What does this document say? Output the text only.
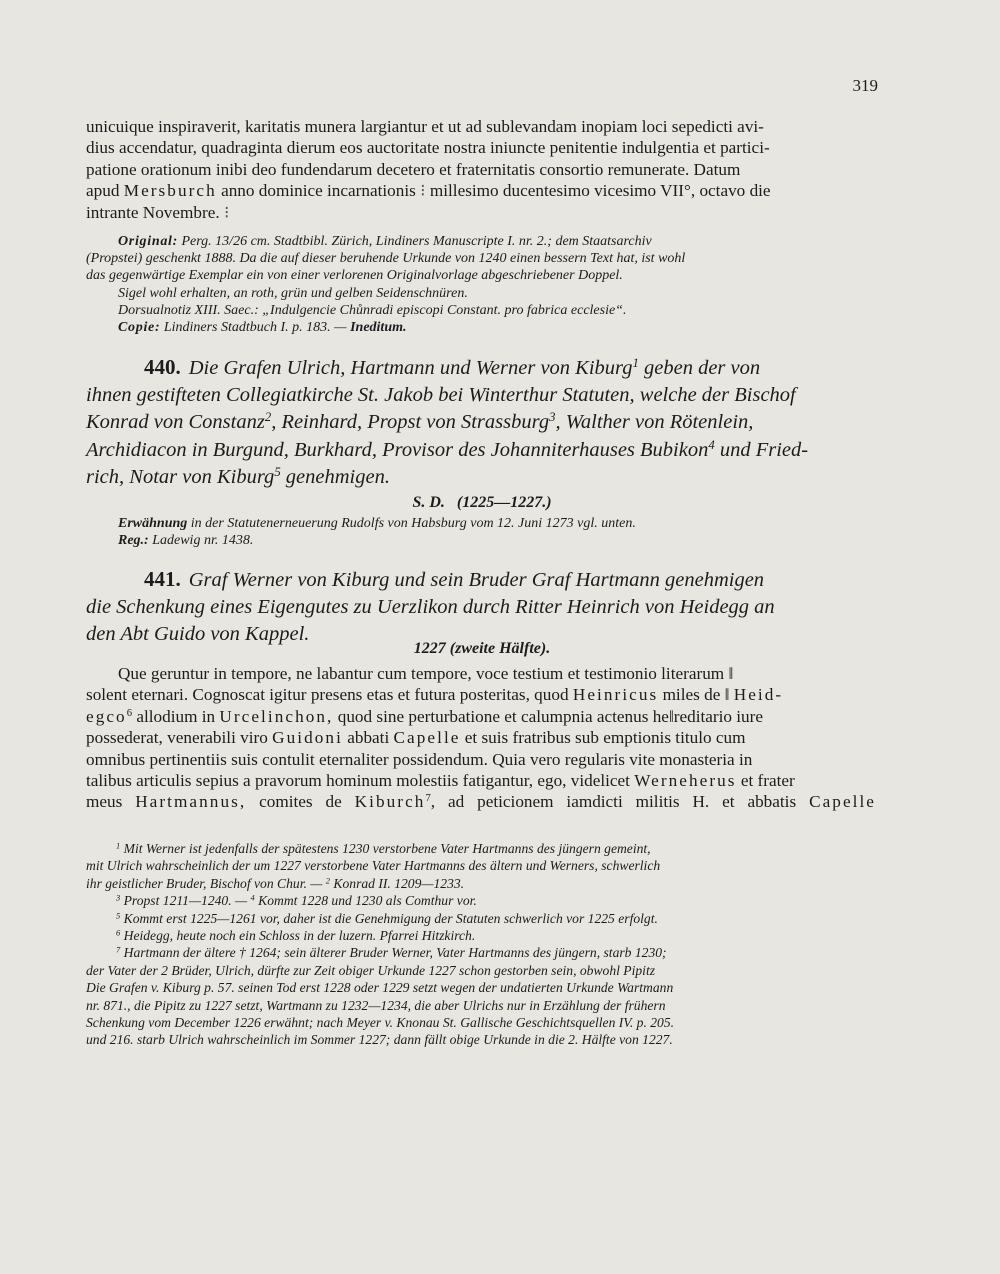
319
unicuique inspiraverit, karitatis munera largiantur et ut ad sublevandam inopiam loci sepedicti avi-
dius accendatur, quadraginta dierum eos auctoritate nostra iniuncte penitentie indulgentia et partici-
patione orationum inibi deo fundendarum decetero et fraternitatis consortio remunerate. Datum
apud Mersburch anno dominice incarnationis ⁝ millesimo ducentesimo vicesimo VII°, octavo die
intrante Novembre. ⁝

Original: Perg. 13/26 cm. Stadtbibl. Zürich, Lindiners Manuscripte I. nr. 2.; dem Staatsarchiv

(Propstei) geschenkt 1888. Da die auf dieser beruhende Urkunde von 1240 einen bessern Text hat, ist wohl

das gegenwärtige Exemplar ein von einer verlorenen Originalvorlage abgeschriebener Doppel.

Sigel wohl erhalten, an roth, grün und gelben Seidenschnüren.

Dorsualnotiz XIII. Saec.: „Indulgencie Chůnradi episcopi Constant. pro fabrica ecclesie“.

Copie: Lindiners Stadtbuch I. p. 183. — Ineditum.

440. Die Grafen Ulrich, Hartmann und Werner von Kiburg$^1$ geben der von
ihnen gestifteten Collegiatkirche St. Jakob bei Winterthur Statuten, welche der Bischof
Konrad von Constanz$^2$, Reinhard, Propst von Strassburg$^3$, Walther von Rötenlein,
Archidiacon in Burgund, Burkhard, Provisor des Johanniterhauses Bubikon$^4$ und Fried-
rich, Notar von Kiburg$^5$ genehmigen.
S. D.   (1225—1227.)

Erwähnung in der Statutenerneuerung Rudolfs von Habsburg vom 12. Juni 1273 vgl. unten.

Reg.: Ladewig nr. 1438.

441. Graf Werner von Kiburg und sein Bruder Graf Hartmann genehmigen
die Schenkung eines Eigengutes zu Uerzlikon durch Ritter Heinrich von Heidegg an
den Abt Guido von Kappel.
1227 (zweite Hälfte).
Que geruntur in tempore, ne labantur cum tempore, voce testium et testimonio literarum ‖
solent eternari. Cognoscat igitur presens etas et futura posteritas, quod Heinricus miles de ‖ Heid-
egco$^6$ allodium in Urcelinchon, quod sine perturbatione et calumpnia actenus he‖reditario iure
possederat, venerabili viro Guidoni abbati Capelle et suis fratribus sub emptionis titulo cum
omnibus pertinentiis suis contulit eternaliter possidendum. Quia vero regularis vite monasteria in
talibus articulis sepius a pravorum hominum molestiis fatigantur, ego, videlicet Werneherus et frater
meus Hartmannus, comites de Kiburch$^7$, ad peticionem iamdicti militis H. et abbatis Capelle

$^1$ Mit Werner ist jedenfalls der spätestens 1230 verstorbene Vater Hartmanns des jüngern gemeint,

mit Ulrich wahrscheinlich der um 1227 verstorbene Vater Hartmanns des ältern und Werners, schwerlich

ihr geistlicher Bruder, Bischof von Chur. — $^2$ Konrad II. 1209—1233.

$^3$ Propst 1211—1240. — $^4$ Kommt 1228 und 1230 als Comthur vor.

$^5$ Kommt erst 1225—1261 vor, daher ist die Genehmigung der Statuten schwerlich vor 1225 erfolgt.

$^6$ Heidegg, heute noch ein Schloss in der luzern. Pfarrei Hitzkirch.

$^7$ Hartmann der ältere † 1264; sein älterer Bruder Werner, Vater Hartmanns des jüngern, starb 1230;

der Vater der 2 Brüder, Ulrich, dürfte zur Zeit obiger Urkunde 1227 schon gestorben sein, obwohl Pipitz

Die Grafen v. Kiburg p. 57. seinen Tod erst 1228 oder 1229 setzt wegen der undatierten Urkunde Wartmann

nr. 871., die Pipitz zu 1227 setzt, Wartmann zu 1232—1234, die aber Ulrichs nur in Erzählung der frühern

Schenkung vom December 1226 erwähnt; nach Meyer v. Knonau St. Gallische Geschichtsquellen IV. p. 205.

und 216. starb Ulrich wahrscheinlich im Sommer 1227; dann fällt obige Urkunde in die 2. Hälfte von 1227.
